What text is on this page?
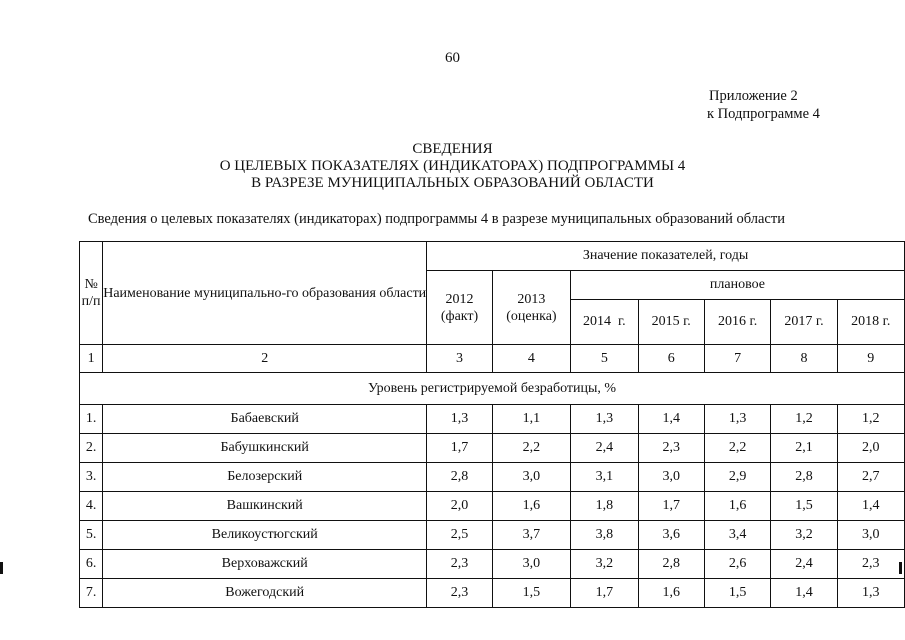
60
Приложение 2
к Подпрограмме 4
СВЕДЕНИЯ
О ЦЕЛЕВЫХ ПОКАЗАТЕЛЯХ (ИНДИКАТОРАХ) ПОДПРОГРАММЫ 4
В РАЗРЕЗЕ МУНИЦИПАЛЬНЫХ ОБРАЗОВАНИЙ ОБЛАСТИ
Сведения о целевых показателях (индикаторах) подпрограммы 4 в разрезе муниципальных образований области
№ п/п	Наименование муниципально-го образования области	Значение показателей, годы						
		2012 (факт)	2013 (оценка)	плановое				
				2014  г.	2015 г.	2016 г.	2017 г.	2018 г.
1	2	3	4	5	6	7	8	9
Уровень регистрируемой безработицы, %								
1.	Бабаевский	1,3	1,1	1,3	1,4	1,3	1,2	1,2
2.	Бабушкинский	1,7	2,2	2,4	2,3	2,2	2,1	2,0
3.	Белозерский	2,8	3,0	3,1	3,0	2,9	2,8	2,7
4.	Вашкинский	2,0	1,6	1,8	1,7	1,6	1,5	1,4
5.	Великоустюгский	2,5	3,7	3,8	3,6	3,4	3,2	3,0
6.	Верховажский	2,3	3,0	3,2	2,8	2,6	2,4	2,3
7.	Вожегодский	2,3	1,5	1,7	1,6	1,5	1,4	1,3
